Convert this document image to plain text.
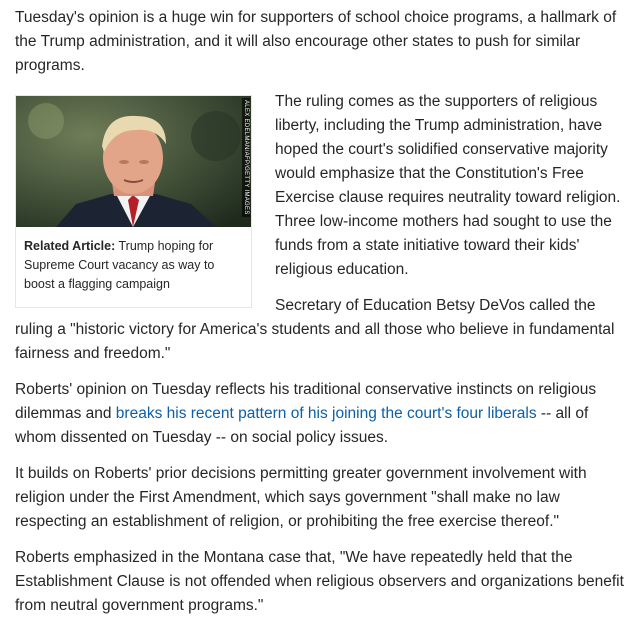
Tuesday's opinion is a huge win for supporters of school choice programs, a hallmark of the Trump administration, and it will also encourage other states to push for similar programs.

ALEX EDELMAN/AFP/GETTY IMAGES
Related Article: Trump hoping for Supreme Court vacancy as way to boost a flagging campaign

The ruling comes as the supporters of religious liberty, including the Trump administration, have hoped the court's solidified conservative majority would emphasize that the Constitution's Free Exercise clause requires neutrality toward religion. Three low-income mothers had sought to use the funds from a state initiative toward their kids' religious education.

Secretary of Education Betsy DeVos called the ruling a "historic victory for America's students and all those who believe in fundamental fairness and freedom."

Roberts' opinion on Tuesday reflects his traditional conservative instincts on religious dilemmas and breaks his recent pattern of his joining the court's four liberals -- all of whom dissented on Tuesday -- on social policy issues.

It builds on Roberts' prior decisions permitting greater government involvement with religion under the First Amendment, which says government "shall make no law respecting an establishment of religion, or prohibiting the free exercise thereof."

Roberts emphasized in the Montana case that, "We have repeatedly held that the Establishment Clause is not offended when religious observers and organizations benefit from neutral government programs."
